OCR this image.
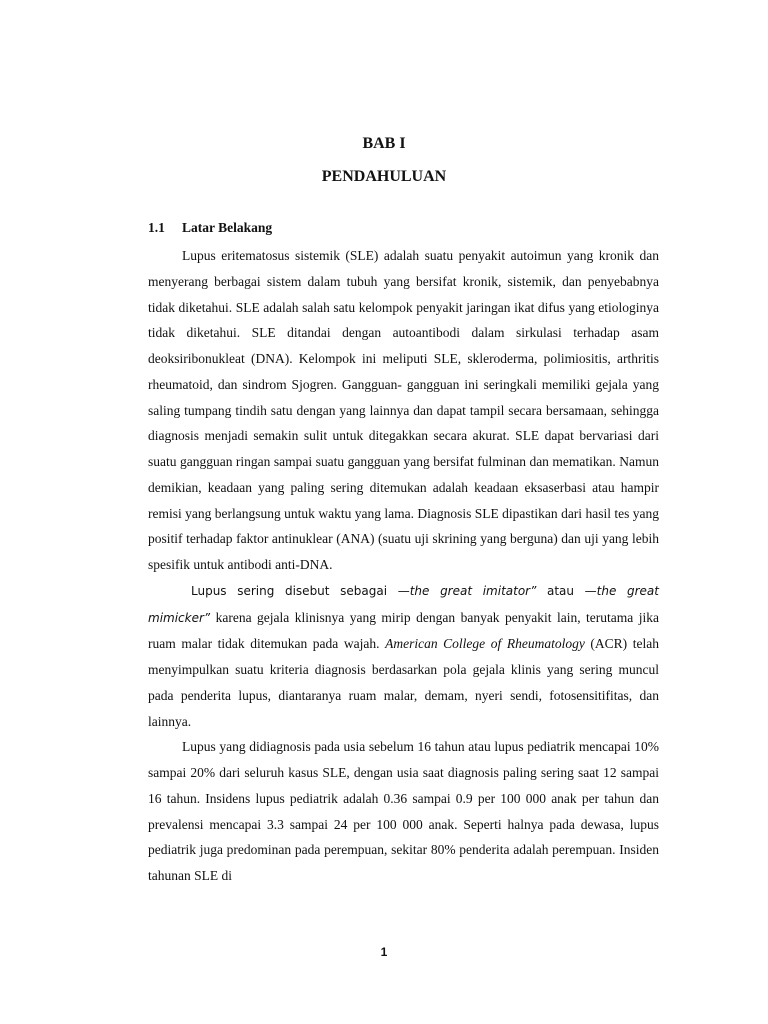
BAB I
PENDAHULUAN
1.1 Latar Belakang

Lupus eritematosus sistemik (SLE) adalah suatu penyakit autoimun yang kronik dan menyerang berbagai sistem dalam tubuh yang bersifat kronik, sistemik, dan penyebabnya tidak diketahui. SLE adalah salah satu kelompok penyakit jaringan ikat difus yang etiologinya tidak diketahui. SLE ditandai dengan autoantibodi dalam sirkulasi terhadap asam deoksiribonukleat (DNA). Kelompok ini meliputi SLE, skleroderma, polimiositis, arthritis rheumatoid, dan sindrom Sjogren. Gangguan- gangguan ini seringkali memiliki gejala yang saling tumpang tindih satu dengan yang lainnya dan dapat tampil secara bersamaan, sehingga diagnosis menjadi semakin sulit untuk ditegakkan secara akurat. SLE dapat bervariasi dari suatu gangguan ringan sampai suatu gangguan yang bersifat fulminan dan mematikan. Namun demikian, keadaan yang paling sering ditemukan adalah keadaan eksaserbasi atau hampir remisi yang berlangsung untuk waktu yang lama. Diagnosis SLE dipastikan dari hasil tes yang positif terhadap faktor antinuklear (ANA) (suatu uji skrining yang berguna) dan uji yang lebih spesifik untuk antibodi anti-DNA.

Lupus sering disebut sebagai —the great imitator” atau —the great mimicker” karena gejala klinisnya yang mirip dengan banyak penyakit lain, terutama jika ruam malar tidak ditemukan pada wajah. American College of Rheumatology (ACR) telah menyimpulkan suatu kriteria diagnosis berdasarkan pola gejala klinis yang sering muncul pada penderita lupus, diantaranya ruam malar, demam, nyeri sendi, fotosensitifitas, dan lainnya.

Lupus yang didiagnosis pada usia sebelum 16 tahun atau lupus pediatrik mencapai 10% sampai 20% dari seluruh kasus SLE, dengan usia saat diagnosis paling sering saat 12 sampai 16 tahun. Insidens lupus pediatrik adalah 0.36 sampai 0.9 per 100 000 anak per tahun dan prevalensi mencapai 3.3 sampai 24 per 100 000 anak. Seperti halnya pada dewasa, lupus pediatrik juga predominan pada perempuan, sekitar 80% penderita adalah perempuan. Insiden tahunan SLE di

1
